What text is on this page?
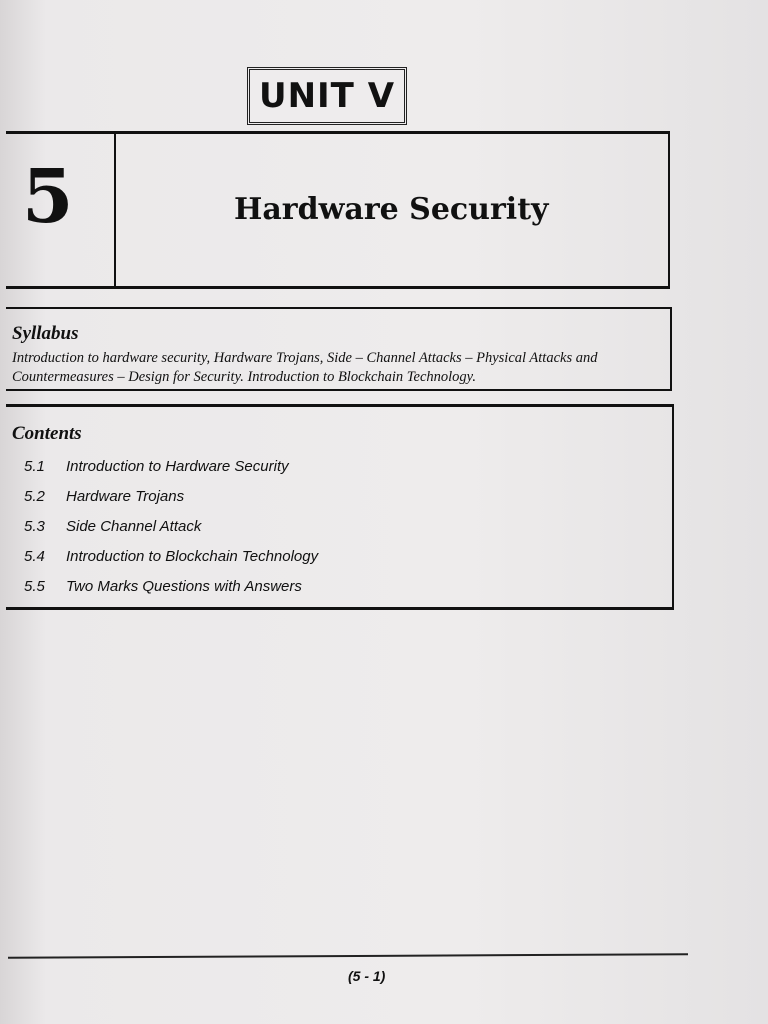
UNIT V
5	Hardware Security
Syllabus
Introduction to hardware security, Hardware Trojans, Side – Channel Attacks – Physical Attacks and Countermeasures – Design for Security. Introduction to Blockchain Technology.
Contents
5.1	Introduction to Hardware Security
5.2	Hardware Trojans
5.3	Side Channel Attack
5.4	Introduction to Blockchain Technology
5.5	Two Marks Questions with Answers
(5 - 1)
